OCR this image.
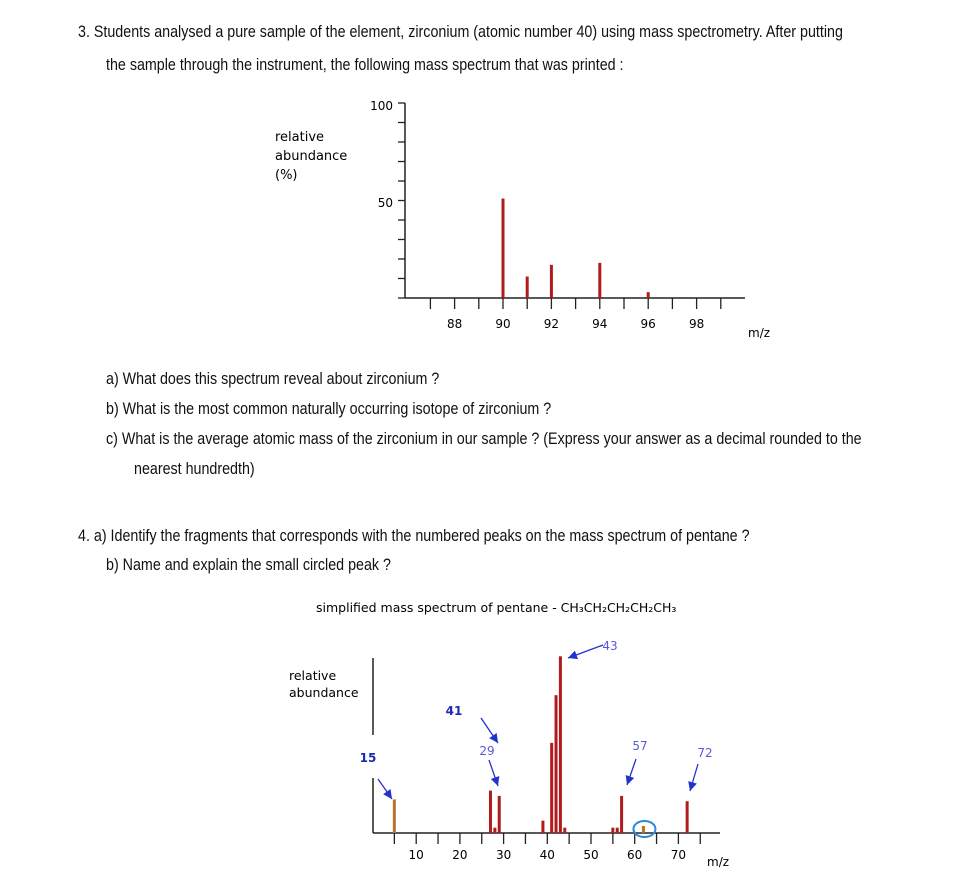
3. Students analysed a pure sample of the element, zirconium (atomic number 40) using mass spectrometry. After putting
the sample through the instrument, the following mass spectrum that was printed :
a) What does this spectrum reveal about zirconium ?
b) What is the most common naturally occurring isotope of zirconium ?
c) What is the average atomic mass of the zirconium in our sample ? (Express your answer as a decimal rounded to the
nearest hundredth)
4. a) Identify the fragments that corresponds with the numbered peaks on the mass spectrum of pentane ?
b) Name and explain the small circled peak ?
100
50
88	90	92	94	96	98
relative
abundance
(%)
m/z
simplified mass spectrum of pentane - CH₃CH₂CH₂CH₂CH₃
10 20 30 40 50 60 70
relative
abundance
m/z
15
41
29
43
57	72
